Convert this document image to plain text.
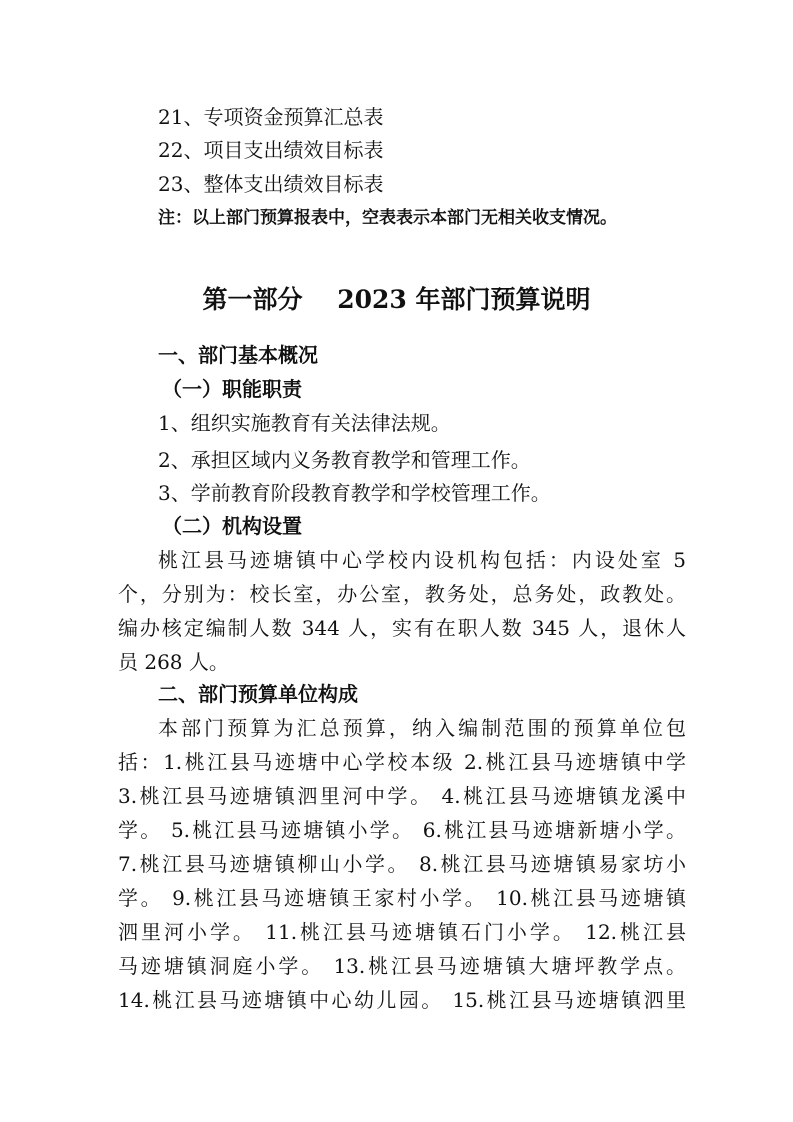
21、专项资金预算汇总表
22、项目支出绩效目标表
23、整体支出绩效目标表
注：以上部门预算报表中，空表表示本部门无相关收支情况。
第一部分    2023 年部门预算说明
一、部门基本概况
（一）职能职责
1、组织实施教育有关法律法规。
2、承担区域内义务教育教学和管理工作。
3、学前教育阶段教育教学和学校管理工作。
（二）机构设置
桃江县马迹塘镇中心学校内设机构包括：内设处室 5
个，分别为：校长室，办公室，教务处，总务处，政教处。
编办核定编制人数 344 人，实有在职人数 345 人，退休人
员 268 人。
二、部门预算单位构成
本部门预算为汇总预算，纳入编制范围的预算单位包
括：1.桃江县马迹塘中心学校本级 2.桃江县马迹塘镇中学
3.桃江县马迹塘镇泗里河中学。 4.桃江县马迹塘镇龙溪中
学。 5.桃江县马迹塘镇小学。 6.桃江县马迹塘新塘小学。
7.桃江县马迹塘镇柳山小学。 8.桃江县马迹塘镇易家坊小
学。 9.桃江县马迹塘镇王家村小学。 10.桃江县马迹塘镇
泗里河小学。 11.桃江县马迹塘镇石门小学。 12.桃江县
马迹塘镇洞庭小学。 13.桃江县马迹塘镇大塘坪教学点。
14.桃江县马迹塘镇中心幼儿园。 15.桃江县马迹塘镇泗里
